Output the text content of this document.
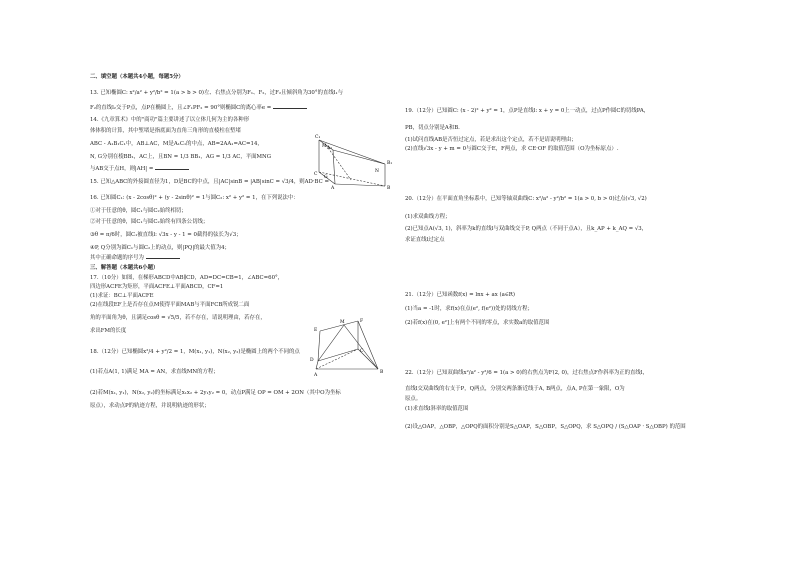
二、填空题（本题共4小题，每题5分）

13. 已知椭圆C: x²/a² + y²/b² = 1(a > b > 0)左、右焦点分别为F₁、F₂，过F₂且倾斜角为30°的直线l₁与

F₂的直线l₂交于P点，点P在椭圆上，且∠F₁PF₂ = 90°则椭圆C的离心率e =

14.《九章算术》中的"商功"篇主要讲述了以立体几何为主的各种形

体体积的计算，其中堑堵是指底面为直角三角形的直棱柱在堑堵

ABC - A₁B₁C₁中，AB⊥AC，M是A₁C₁的中点，AB=2AA₁=AC=14，

N, G分别在棱BB₁，AC上，且BN = 1/3 BB₁，AG = 1/3 AC，平面MNG

与AB交于点H，则|AH| =

15. 已知△ABC的外接圆直径为1，D是BC的中点，且|AC|sinB = |AB|sinC = √3/4，则AD·BC =

16. 已知圆C₁: (x - 2cosθ)² + (y - 2sinθ)² = 1与圆C₂: x² + y² = 1，在下列说法中：

①对于任意的θ，圆C₁与圆C₂始终相切；

②对于任意的θ，圆C₁与圆C₂始终有四条公切线；

③θ = π/6时，圆C₁被直线l: √3x - y - 1 = 0截得的弦长为√3；

④P, Q分别为圆C₁与圆C₂上的动点，则|PQ|的最大值为4；

其中正确命题的序号为

三、解答题（本题共6小题）

17.（10分）如图，在梯形ABCD中AB∥CD，AD=DC=CB=1，∠ABC=60°，

四边形ACFE为矩形，平面ACFE⊥平面ABCD，CF=1

(1)求证：BC⊥平面ACFE

(2)在线段EF上是否存在点M使得平面MAB与平面FCB所成锐二面

角的平面角为θ，且满足cosθ = √5/5，若不存在，请说明理由，若存在，

求出FM的长度

18.（12分）已知椭圆x²/4 + y²/2 = 1，M(x₁, y₁)，N(x₂, y₂)是椭圆上的两个不同的点

(1)若点A(1, 1)满足 MA = AN，求直线MN的方程；

(2)若M(x₁, y₁)，N(x₂, y₂)的坐标满足x₁x₂ + 2y₁y₂ = 0，动点P满足 OP = OM + 2ON（其中O为坐标

原点），求动点P的轨迹方程，并说明轨迹的形状；

C₁
A₁
B₁
C
A	B
M
N
G
E
M	F
D
C
A
B

19.（12分）已知圆C: (x - 2)² + y² = 1，点P是直线l: x + y = 0上一动点，过点P作圆C的切线PA，

PB，切点分别是A和B.

(1)试问直线AB是否恒过定点，若是求出这个定点，若不是请说明理由；

(2)直线√3x - y + m = 0与圆C交于E，F两点，求 CE·OF 的取值范围（O为坐标原点）.

20.（12分）在平面直角坐标系中，已知等轴双曲线C: x²/a² - y²/b² = 1(a > 0, b > 0)过点(√3, √2)

(1)求双曲线方程；

(2)已知点A(√3, 1)，斜率为k的直线l与双曲线交于P, Q两点（不同于点A），且k_AP + k_AQ = √3，

求证直线l过定点

21.（12分）已知函数f(x) = lnx + ax (a∈R)

(1)当a = -1时，求f(x)在点(e², f(e²))处的切线方程；

(2)若f(x)在(0, e²]上有两个不同的零点，求实数a的取值范围

22.（12分）已知双曲线x²/a² - y²/6 = 1(a > 0)的右焦点为F(2, 0)，过右焦点F作斜率为正的直线l，

直线l交双曲线的右支于P，Q两点，分别交两条渐近线于A, B两点，点A, P在第一象限，O为

原点。

(1)求直线l斜率的取值范围

(2)设△OAP，△OBP，△OPQ的面积分别是S△OAP，S△OBP，S△OPQ，求 S△OPQ / (S△OAP · S△OBP) 的范围
